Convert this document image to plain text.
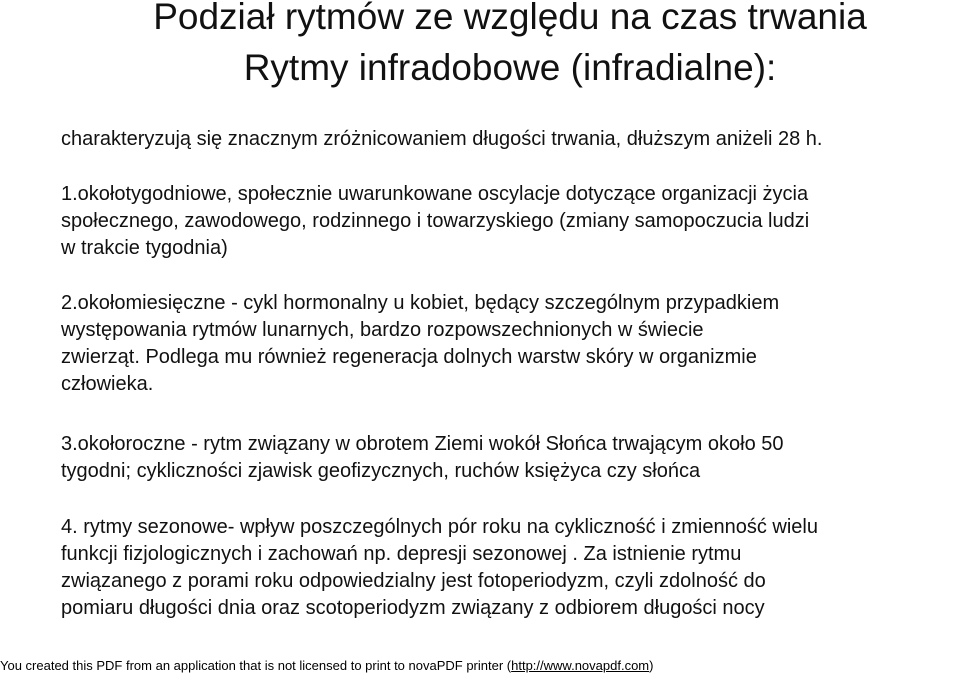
Podział rytmów ze względu na czas trwania
Rytmy infradobowe (infradialne):

charakteryzują się znacznym zróżnicowaniem długości trwania, dłuższym aniżeli 28 h.

1.okołotygodniowe, społecznie uwarunkowane oscylacje dotyczące organizacji życia
społecznego, zawodowego, rodzinnego i towarzyskiego (zmiany samopoczucia ludzi
w trakcie tygodnia)

2.okołomiesięczne - cykl hormonalny u kobiet, będący szczególnym przypadkiem
występowania rytmów lunarnych, bardzo rozpowszechnionych w świecie
zwierząt. Podlega mu również regeneracja dolnych warstw skóry w organizmie
człowieka.

3.okołoroczne - rytm związany w obrotem Ziemi wokół Słońca trwającym około 50
tygodni; cykliczności zjawisk geofizycznych, ruchów księżyca czy słońca

4. rytmy sezonowe- wpływ poszczególnych pór roku na cykliczność i zmienność wielu
funkcji fizjologicznych i zachowań np. depresji sezonowej . Za istnienie rytmu
związanego z porami roku odpowiedzialny jest fotoperiodyzm, czyli zdolność do
pomiaru długości dnia oraz scotoperiodyzm związany z odbiorem długości nocy

You created this PDF from an application that is not licensed to print to novaPDF printer (http://www.novapdf.com)
